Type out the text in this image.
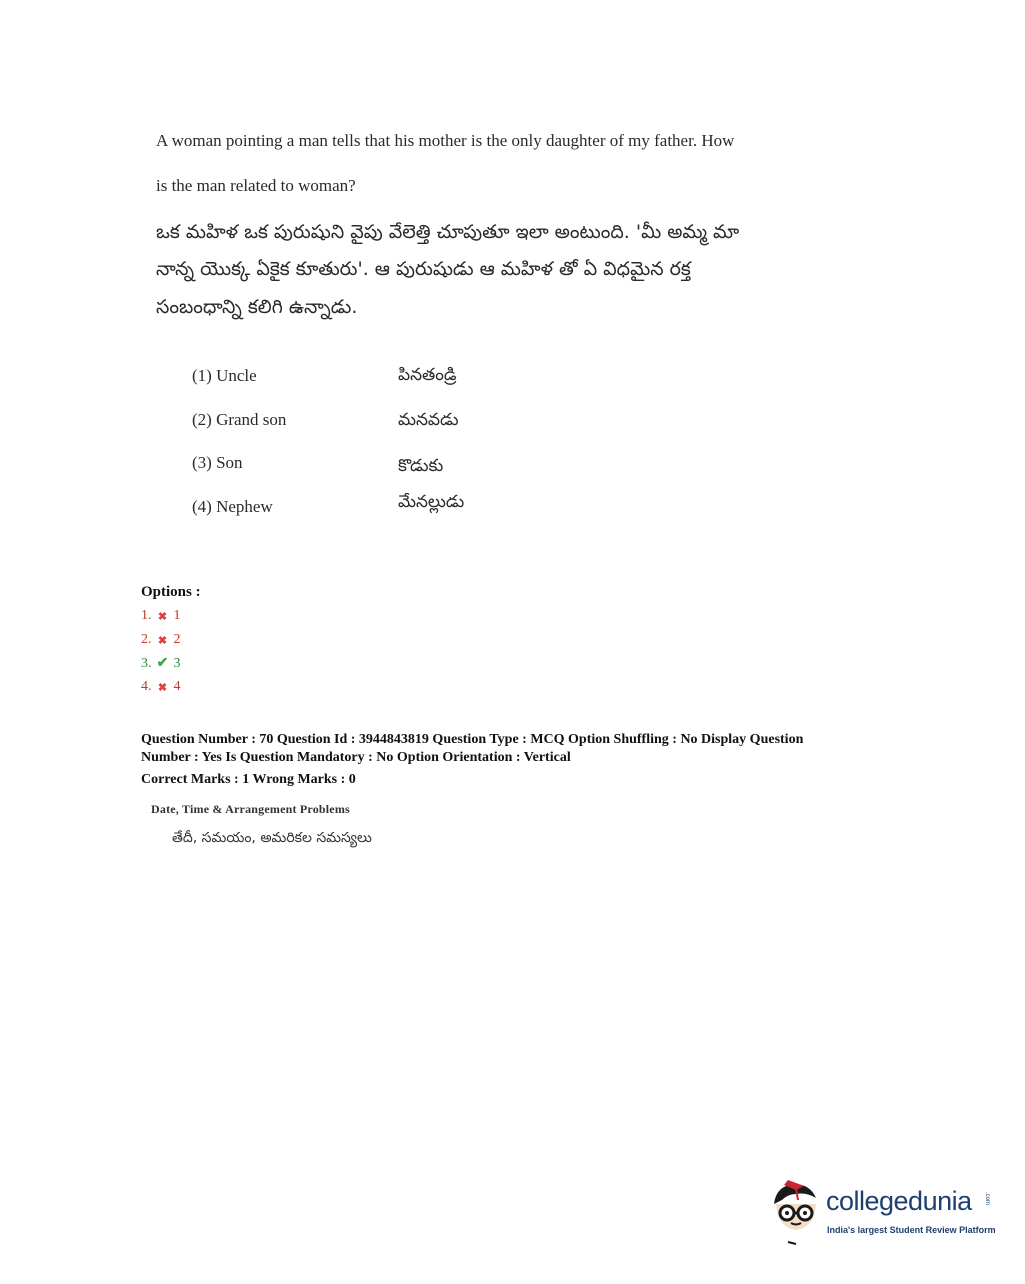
A woman pointing a man tells that his mother is the only daughter of my father. How
is the man related to woman?
ఒక మహిళ ఒక పురుషుని వైపు వేలెత్తి చూపుతూ ఇలా అంటుంది. 'మీ అమ్మ మా
నాన్న యొక్క ఏకైక కూతురు'. ఆ పురుషుడు ఆ మహిళ తో ఏ విధమైన రక్త
సంబంధాన్ని కలిగి ఉన్నాడు.
(1) Uncle	పినతండ్రి
(2) Grand son	మనవడు
(3) Son	కొడుకు
(4) Nephew	మేనల్లుడు
Options :
1. ✖ 1
2. ✖ 2
3. ✔ 3
4. ✖ 4
Question Number : 70 Question Id : 3944843819 Question Type : MCQ Option Shuffling : No Display Question
Number : Yes Is Question Mandatory : No Option Orientation : Vertical
Correct Marks : 1 Wrong Marks : 0
Date, Time & Arrangement Problems
తేదీ, సమయం, అమరికల సమస్యలు
collegedunia .com
India's largest Student Review Platform
